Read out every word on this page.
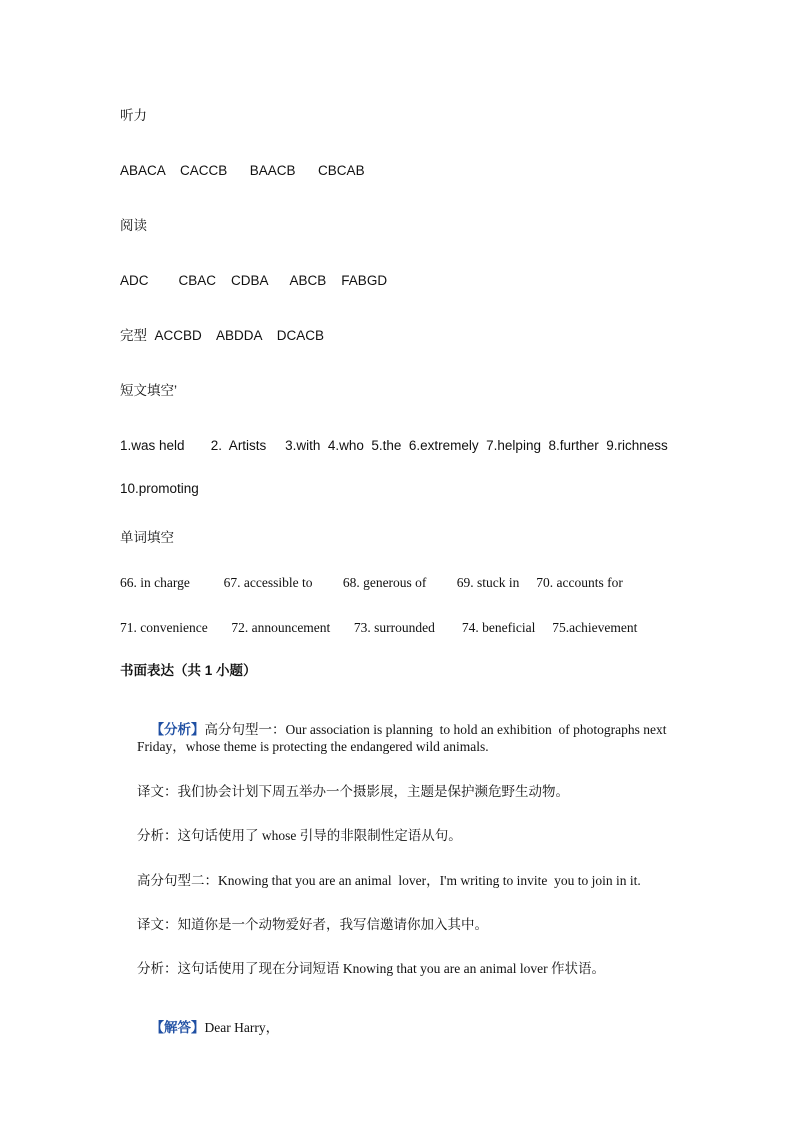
听力
ABACA    CACCB      BAACB      CBCAB
阅读
ADC        CBAC    CDBA      ABCB    FABGD
完型  ACCBD    ABDDA    DCACB
短文填空’
1.was held       2.  Artists     3.with  4.who  5.the  6.extremely  7.helping  8.further  9.richness
10.promoting
单词填空
66. in charge          67. accessible to         68. generous of         69. stuck in     70. accounts for
71. convenience       72. announcement       73. surrounded        74. beneficial     75.achievement
书面表达（共 1 小题）

【分析】高分句型一：Our association is planning  to hold an exhibition  of photographs next

Friday，whose theme is protecting the endangered wild animals.
译文：我们协会计划下周五举办一个摄影展，主题是保护濒危野生动物。
分析：这句话使用了 whose 引导的非限制性定语从句。
高分句型二：Knowing that you are an animal  lover，I'm writing to invite  you to join in it.
译文：知道你是一个动物爱好者，我写信邀请你加入其中。
分析：这句话使用了现在分词短语 Knowing that you are an animal lover 作状语。

【解答】Dear Harry，
